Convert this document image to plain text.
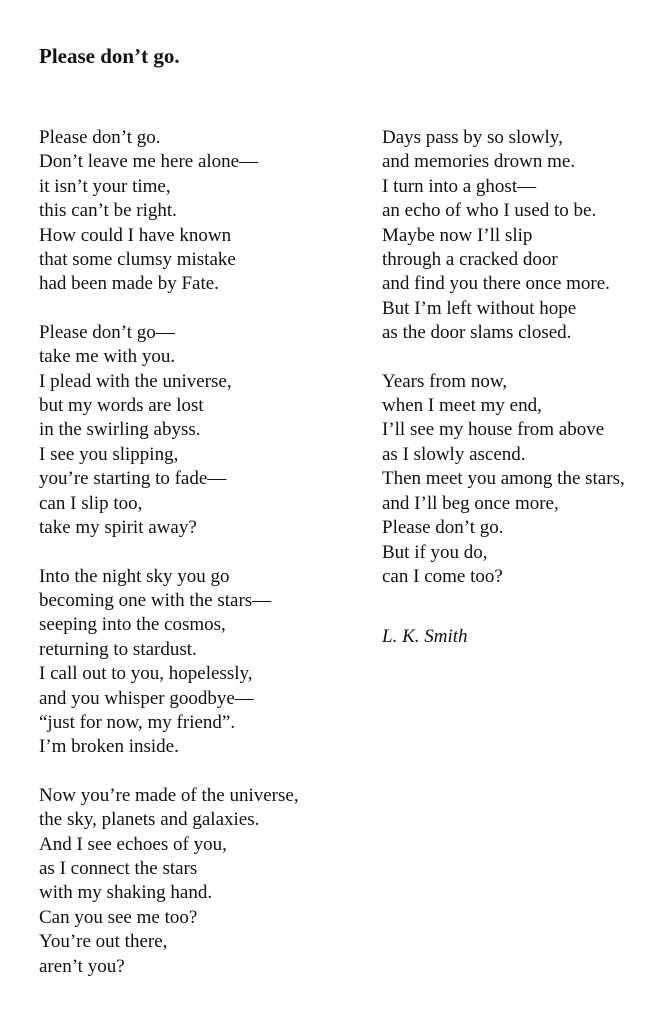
Please don’t go.
Please don’t go.
Don’t leave me here alone—
it isn’t your time,
this can’t be right.
How could I have known
that some clumsy mistake
had been made by Fate.
Please don’t go—
take me with you.
I plead with the universe,
but my words are lost
in the swirling abyss.
I see you slipping,
you’re starting to fade—
can I slip too,
take my spirit away?
Into the night sky you go
becoming one with the stars—
seeping into the cosmos,
returning to stardust.
I call out to you, hopelessly,
and you whisper goodbye—
“just for now, my friend”.
I’m broken inside.
Now you’re made of the universe,
the sky, planets and galaxies.
And I see echoes of you,
as I connect the stars
with my shaking hand.
Can you see me too?
You’re out there,
aren’t you?
Days pass by so slowly,
and memories drown me.
I turn into a ghost—
an echo of who I used to be.
Maybe now I’ll slip
through a cracked door
and find you there once more.
But I’m left without hope
as the door slams closed.
Years from now,
when I meet my end,
I’ll see my house from above
as I slowly ascend.
Then meet you among the stars,
and I’ll beg once more,
Please don’t go.
But if you do,
can I come too?
L. K. Smith
